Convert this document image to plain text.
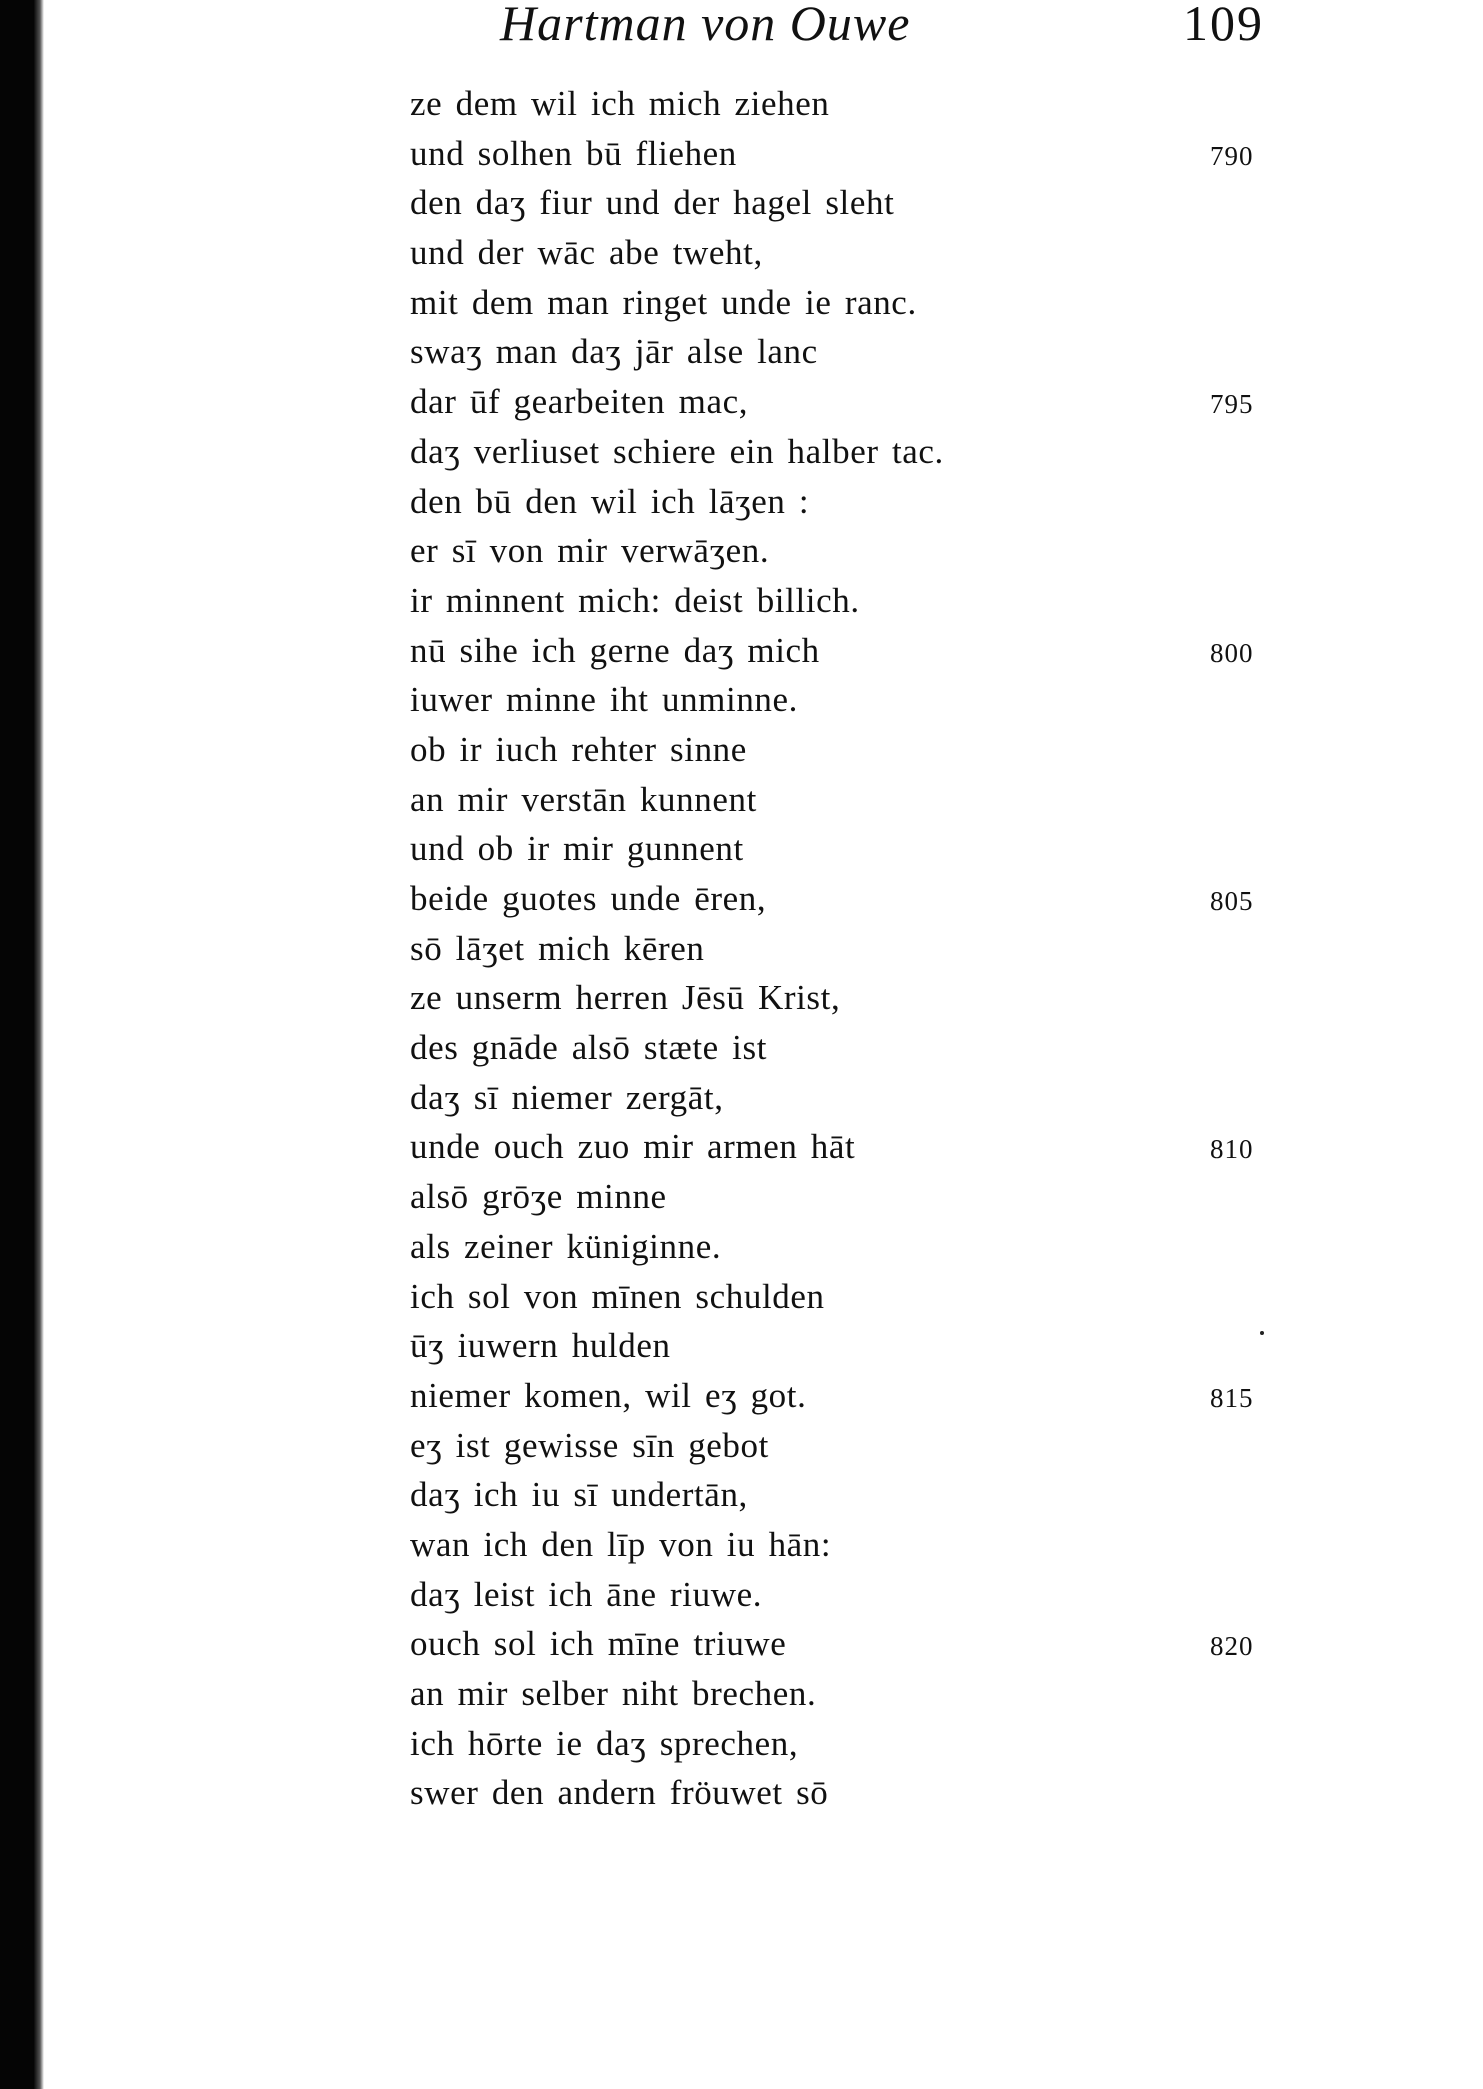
Hartman von Ouwe	109
ze dem wil ich mich ziehen
und solhen bū fliehen	790
den daʒ fiur und der hagel sleht
und der wāc abe tweht,
mit dem man ringet unde ie ranc.
swaʒ man daʒ jār alse lanc
dar ūf gearbeiten mac,	795
daʒ verliuset schiere ein halber tac.
den bū den wil ich lāʒen :
er sī von mir verwāʒen.
ir minnent mich: deist billich.
nū sihe ich gerne daʒ mich	800
iuwer minne iht unminne.
ob ir iuch rehter sinne
an mir verstān kunnent
und ob ir mir gunnent
beide guotes unde ēren,	805
sō lāʒet mich kēren
ze unserm herren Jēsū Krist,
des gnāde alsō stæte ist
daʒ sī niemer zergāt,
unde ouch zuo mir armen hāt	810
alsō grōʒe minne
als zeiner küniginne.
ich sol von mīnen schulden
ūʒ iuwern hulden
niemer komen, wil eʒ got.	815
eʒ ist gewisse sīn gebot
daʒ ich iu sī undertān,
wan ich den līp von iu hān:
daʒ leist ich āne riuwe.
ouch sol ich mīne triuwe	820
an mir selber niht brechen.
ich hōrte ie daʒ sprechen,
swer den andern fröuwet sō
